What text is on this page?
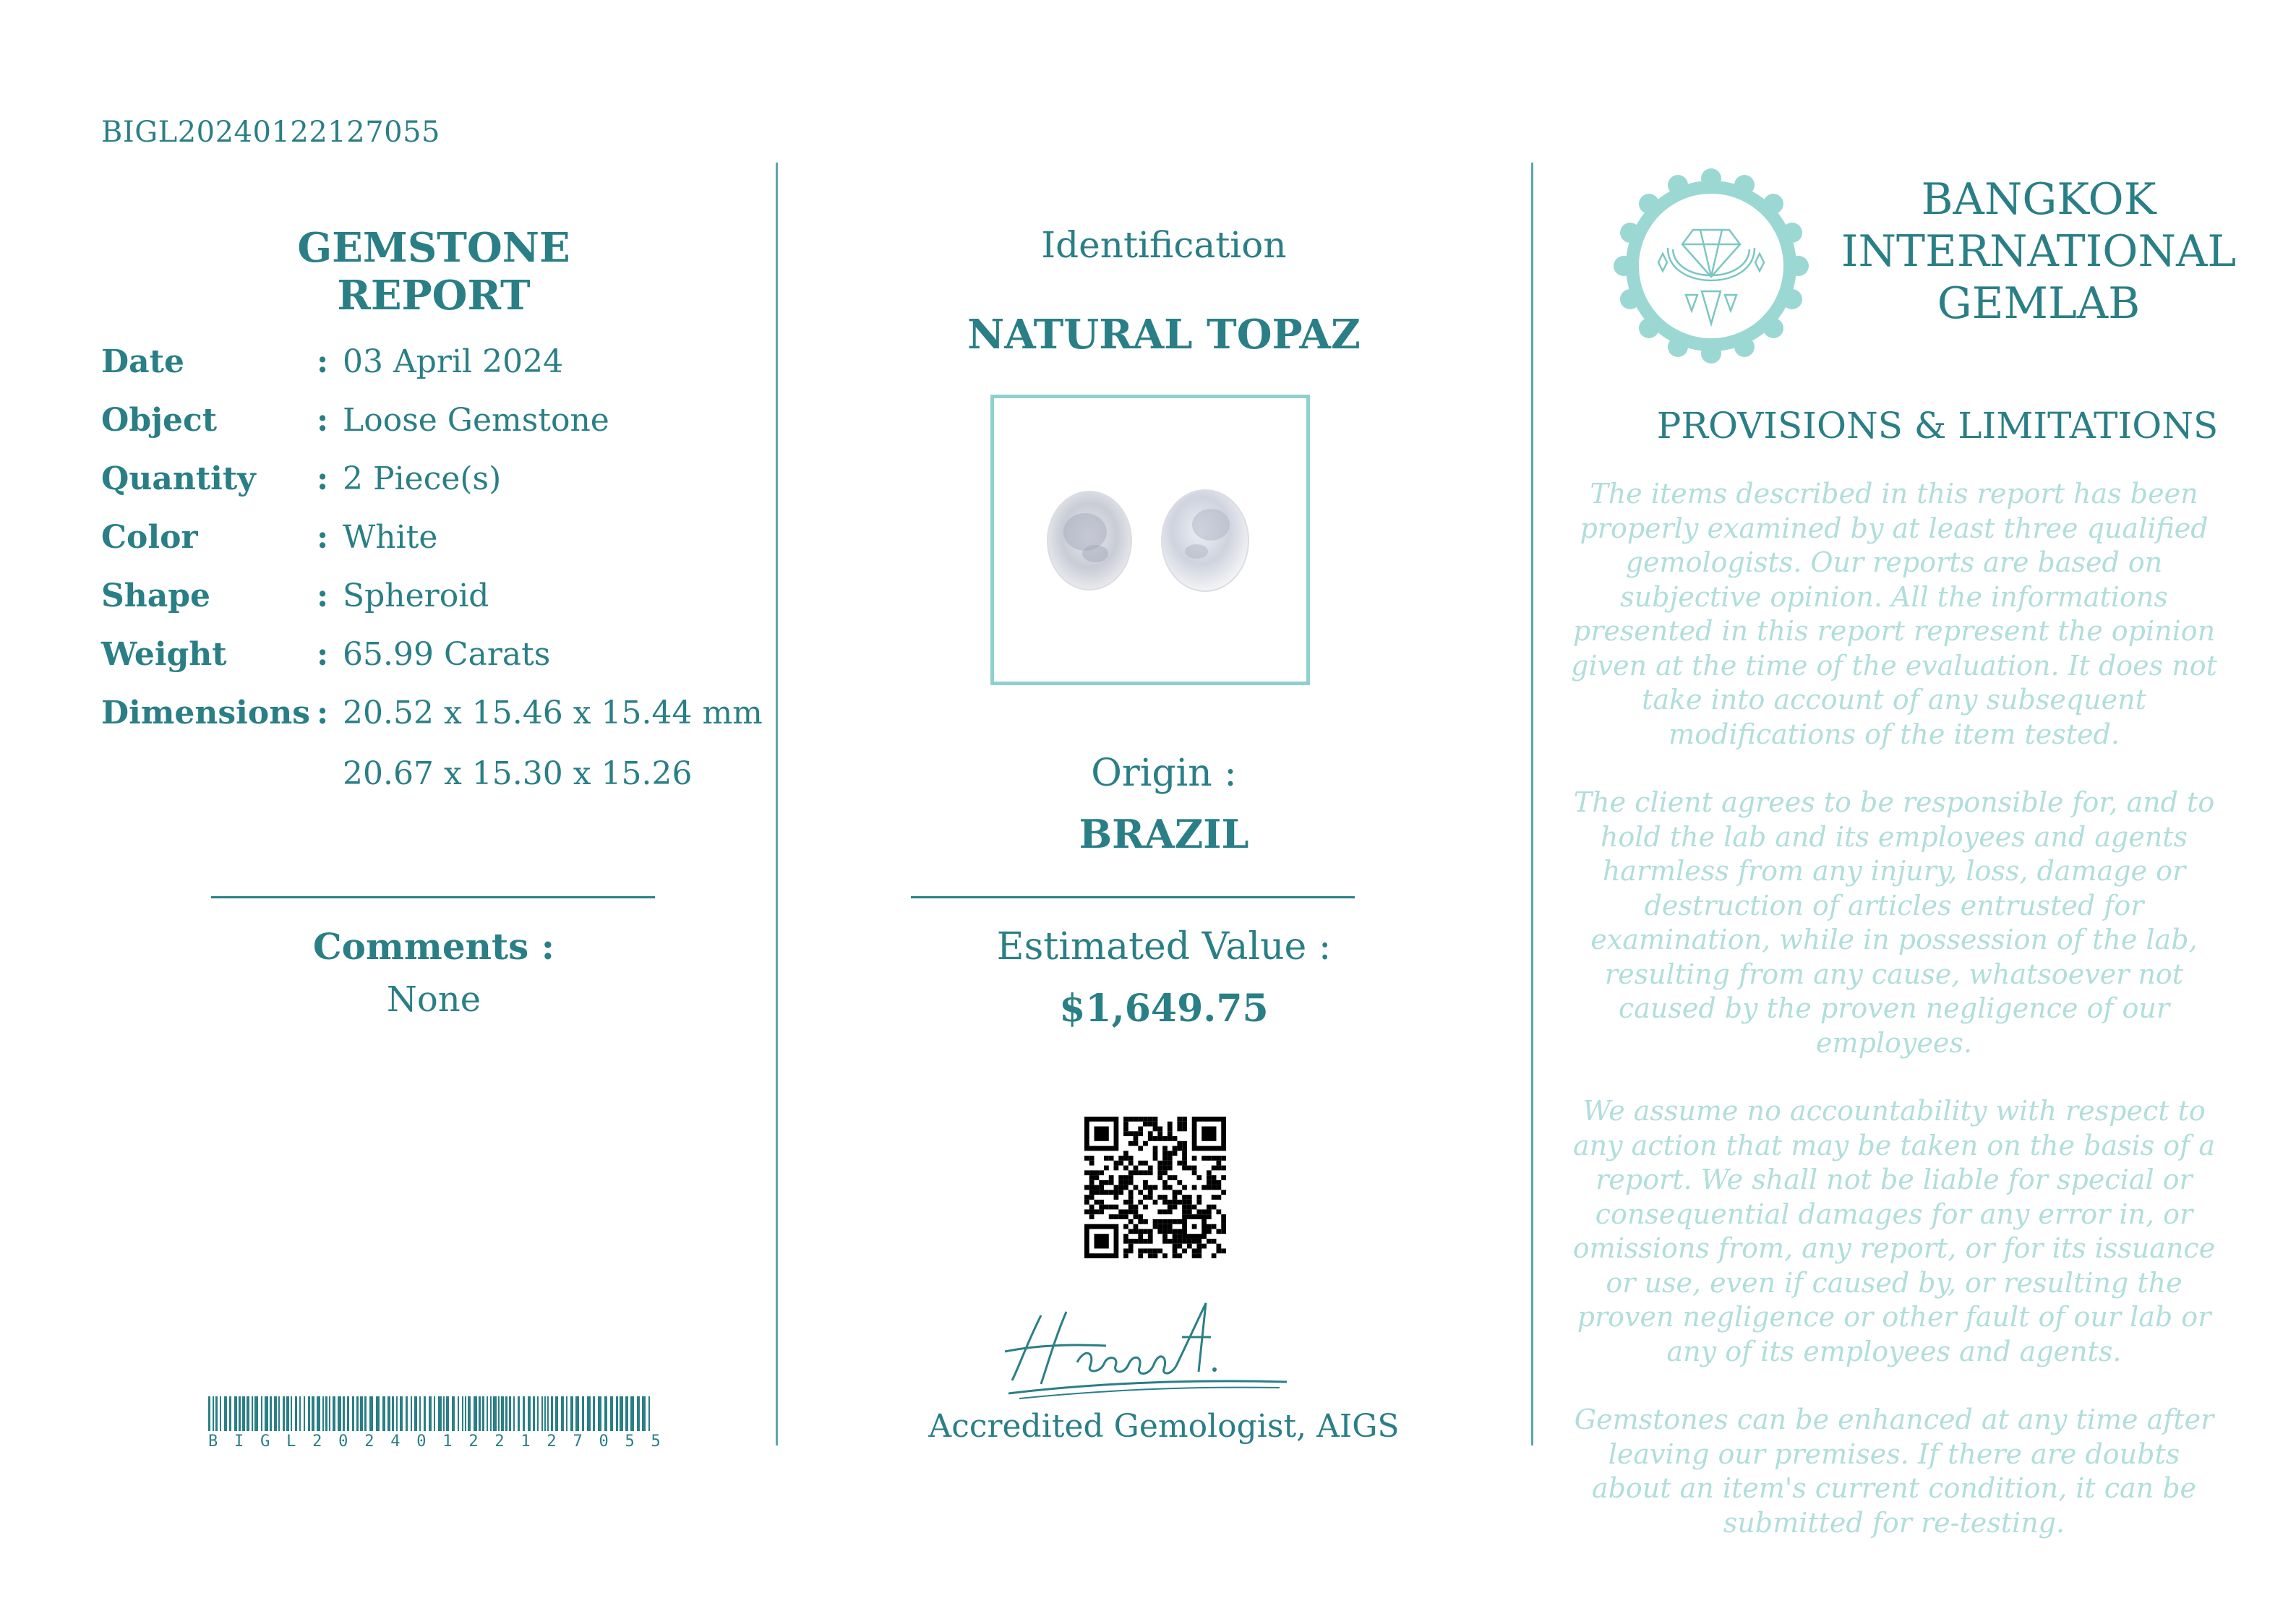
BIGL20240122127055
GEMSTONE REPORT
Date	: 03 April 2024
Object	: Loose Gemstone
Quantity : 2 Piece(s)
Color	: White
Shape	: Spheroid
Weight	: 65.99 Carats
Dimensions : 20.52 x 15.46 x 15.44 mm
20.67 x 15.30 x 15.26
Comments :
None
B I G L 2 0 2 4 0 1 2 2 1 2 7 0 5 5
Identification
NATURAL TOPAZ
Origin :
BRAZIL
Estimated Value :
$1,649.75
Accredited Gemologist, AIGS
BANGKOK INTERNATIONAL GEMLAB
PROVISIONS & LIMITATIONS

The items described in this report has been properly examined by at least three qualified gemologists. Our reports are based on subjective opinion. All the informations presented in this report represent the opinion given at the time of the evaluation. It does not take into account of any subsequent modifications of the item tested.

The client agrees to be responsible for, and to hold the lab and its employees and agents harmless from any injury, loss, damage or destruction of articles entrusted for examination, while in possession of the lab, resulting from any cause, whatsoever not caused by the proven negligence of our employees.

We assume no accountability with respect to any action that may be taken on the basis of a report. We shall not be liable for special or consequential damages for any error in, or omissions from, any report, or for its issuance or use, even if caused by, or resulting the proven negligence or other fault of our lab or any of its employees and agents.

Gemstones can be enhanced at any time after leaving our premises. If there are doubts about an item's current condition, it can be submitted for re-testing.
